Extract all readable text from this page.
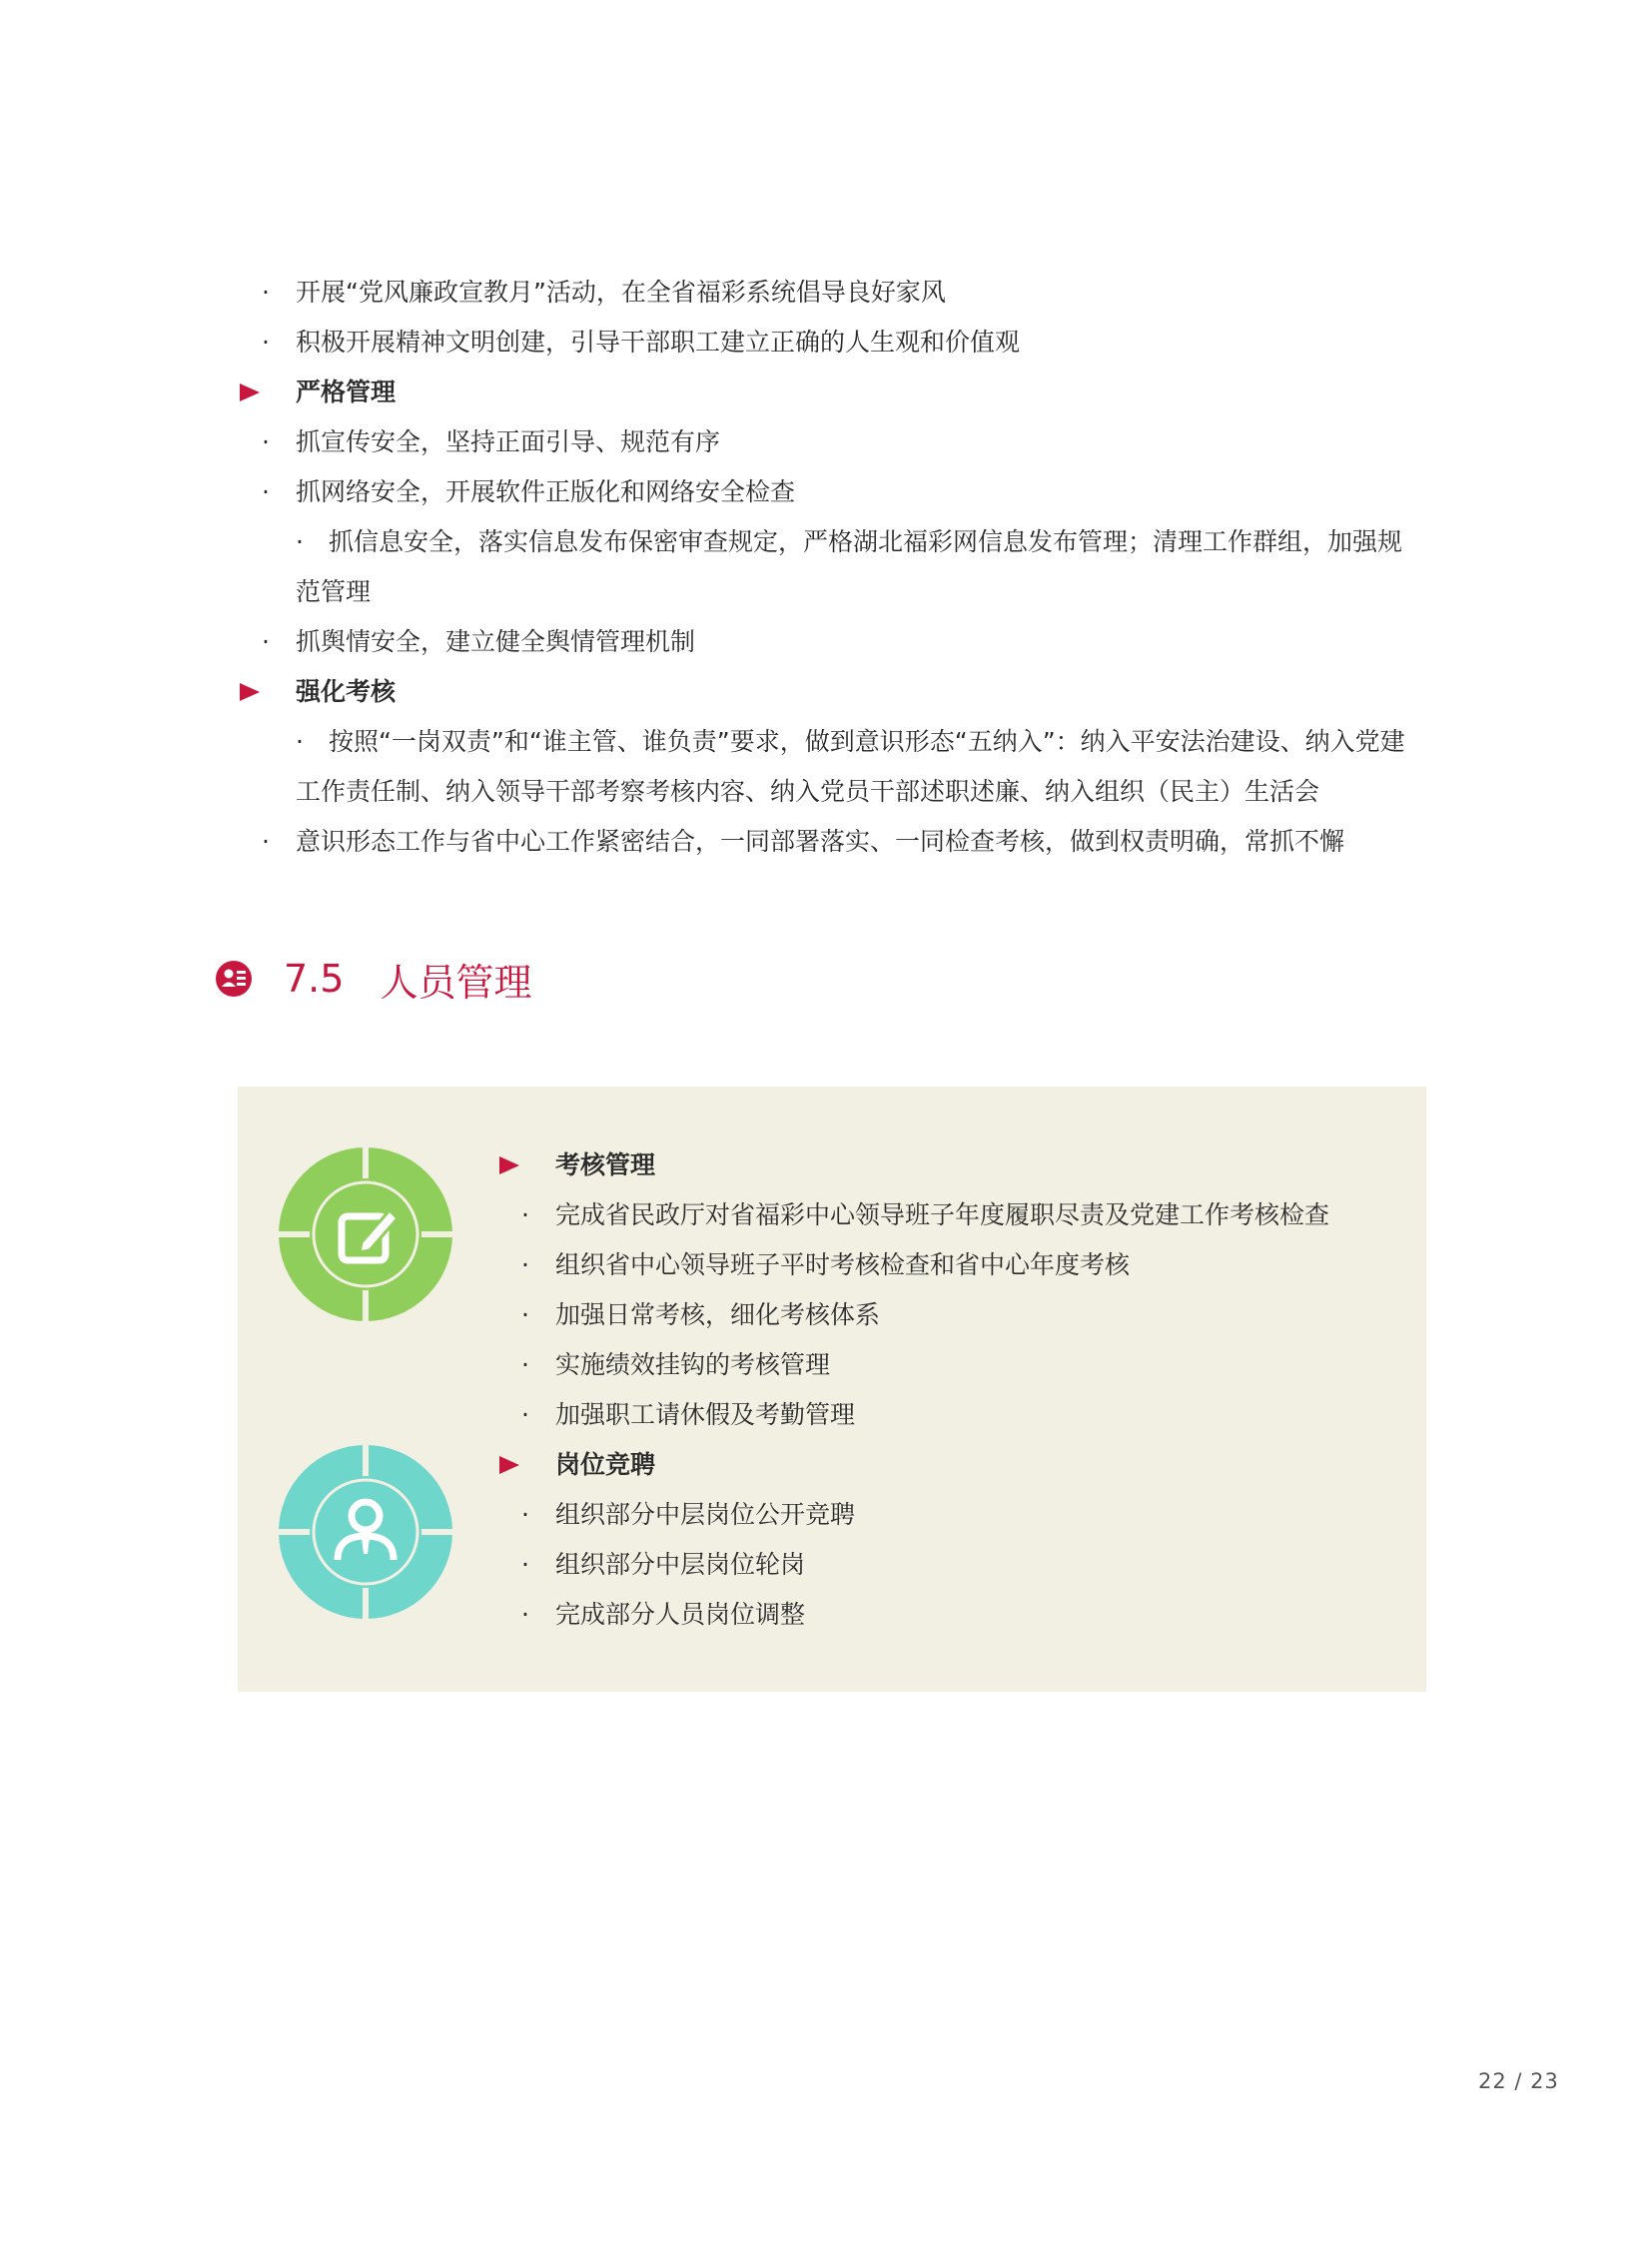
· 开展“党风廉政宣教月”活动，在全省福彩系统倡导良好家风

· 积极开展精神文明创建，引导干部职工建立正确的人生观和价值观

严格管理

· 抓宣传安全，坚持正面引导、规范有序

· 抓网络安全，开展软件正版化和网络安全检查

·   抓信息安全，落实信息发布保密审查规定，严格湖北福彩网信息发布管理；清理工作群组，加强规范管理

· 抓舆情安全，建立健全舆情管理机制

强化考核

·   按照“一岗双责”和“谁主管、谁负责”要求，做到意识形态“五纳入”：纳入平安法治建设、纳入党建工作责任制、纳入领导干部考察考核内容、纳入党员干部述职述廉、纳入组织（民主）生活会

· 意识形态工作与省中心工作紧密结合，一同部署落实、一同检查考核，做到权责明确，常抓不懈

7.5 人员管理

考核管理

· 完成省民政厅对省福彩中心领导班子年度履职尽责及党建工作考核检查

· 组织省中心领导班子平时考核检查和省中心年度考核

· 加强日常考核，细化考核体系

· 实施绩效挂钩的考核管理

· 加强职工请休假及考勤管理

岗位竞聘

· 组织部分中层岗位公开竞聘

· 组织部分中层岗位轮岗

· 完成部分人员岗位调整

22 / 23
